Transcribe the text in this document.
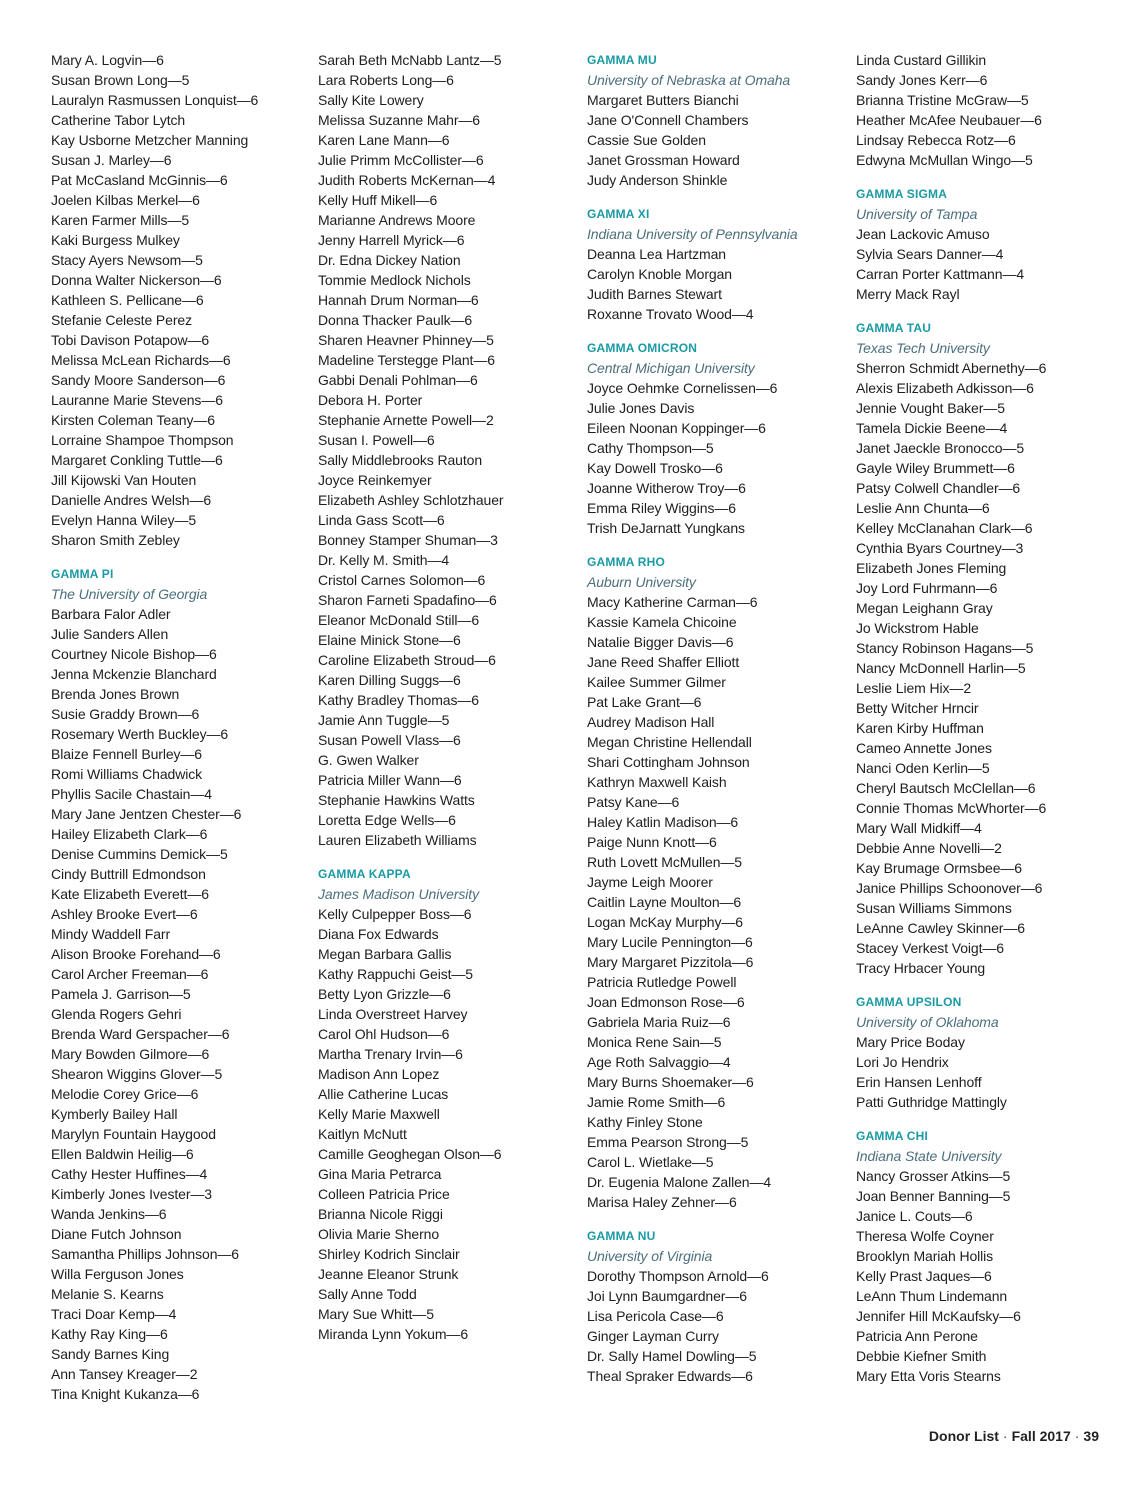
Mary A. Logvin—6
Susan Brown Long—5
Lauralyn Rasmussen Lonquist—6
Catherine Tabor Lytch
Kay Usborne Metzcher Manning
Susan J. Marley—6
Pat McCasland McGinnis—6
Joelen Kilbas Merkel—6
Karen Farmer Mills—5
Kaki Burgess Mulkey
Stacy Ayers Newsom—5
Donna Walter Nickerson—6
Kathleen S. Pellicane—6
Stefanie Celeste Perez
Tobi Davison Potapow—6
Melissa McLean Richards—6
Sandy Moore Sanderson—6
Lauranne Marie Stevens—6
Kirsten Coleman Teany—6
Lorraine Shampoe Thompson
Margaret Conkling Tuttle—6
Jill Kijowski Van Houten
Danielle Andres Welsh—6
Evelyn Hanna Wiley—5
Sharon Smith Zebley
GAMMA PI
The University of Georgia
Barbara Falor Adler
Julie Sanders Allen
Courtney Nicole Bishop—6
Jenna Mckenzie Blanchard
Brenda Jones Brown
Susie Graddy Brown—6
Rosemary Werth Buckley—6
Blaize Fennell Burley—6
Romi Williams Chadwick
Phyllis Sacile Chastain—4
Mary Jane Jentzen Chester—6
Hailey Elizabeth Clark—6
Denise Cummins Demick—5
Cindy Buttrill Edmondson
Kate Elizabeth Everett—6
Ashley Brooke Evert—6
Mindy Waddell Farr
Alison Brooke Forehand—6
Carol Archer Freeman—6
Pamela J. Garrison—5
Glenda Rogers Gehri
Brenda Ward Gerspacher—6
Mary Bowden Gilmore—6
Shearon Wiggins Glover—5
Melodie Corey Grice—6
Kymberly Bailey Hall
Marylyn Fountain Haygood
Ellen Baldwin Heilig—6
Cathy Hester Huffines—4
Kimberly Jones Ivester—3
Wanda Jenkins—6
Diane Futch Johnson
Samantha Phillips Johnson—6
Willa Ferguson Jones
Melanie S. Kearns
Traci Doar Kemp—4
Kathy Ray King—6
Sandy Barnes King
Ann Tansey Kreager—2
Tina Knight Kukanza—6
Sarah Beth McNabb Lantz—5
Lara Roberts Long—6
Sally Kite Lowery
Melissa Suzanne Mahr—6
Karen Lane Mann—6
Julie Primm McCollister—6
Judith Roberts McKernan—4
Kelly Huff Mikell—6
Marianne Andrews Moore
Jenny Harrell Myrick—6
Dr. Edna Dickey Nation
Tommie Medlock Nichols
Hannah Drum Norman—6
Donna Thacker Paulk—6
Sharen Heavner Phinney—5
Madeline Terstegge Plant—6
Gabbi Denali Pohlman—6
Debora H. Porter
Stephanie Arnette Powell—2
Susan I. Powell—6
Sally Middlebrooks Rauton
Joyce Reinkemyer
Elizabeth Ashley Schlotzhauer
Linda Gass Scott—6
Bonney Stamper Shuman—3
Dr. Kelly M. Smith—4
Cristol Carnes Solomon—6
Sharon Farneti Spadafino—6
Eleanor McDonald Still—6
Elaine Minick Stone—6
Caroline Elizabeth Stroud—6
Karen Dilling Suggs—6
Kathy Bradley Thomas—6
Jamie Ann Tuggle—5
Susan Powell Vlass—6
G. Gwen Walker
Patricia Miller Wann—6
Stephanie Hawkins Watts
Loretta Edge Wells—6
Lauren Elizabeth Williams
GAMMA KAPPA
James Madison University
Kelly Culpepper Boss—6
Diana Fox Edwards
Megan Barbara Gallis
Kathy Rappuchi Geist—5
Betty Lyon Grizzle—6
Linda Overstreet Harvey
Carol Ohl Hudson—6
Martha Trenary Irvin—6
Madison Ann Lopez
Allie Catherine Lucas
Kelly Marie Maxwell
Kaitlyn McNutt
Camille Geoghegan Olson—6
Gina Maria Petrarca
Colleen Patricia Price
Brianna Nicole Riggi
Olivia Marie Sherno
Shirley Kodrich Sinclair
Jeanne Eleanor Strunk
Sally Anne Todd
Mary Sue Whitt—5
Miranda Lynn Yokum—6
GAMMA MU
University of Nebraska at Omaha
Margaret Butters Bianchi
Jane O'Connell Chambers
Cassie Sue Golden
Janet Grossman Howard
Judy Anderson Shinkle
GAMMA XI
Indiana University of Pennsylvania
Deanna Lea Hartzman
Carolyn Knoble Morgan
Judith Barnes Stewart
Roxanne Trovato Wood—4
GAMMA OMICRON
Central Michigan University
Joyce Oehmke Cornelissen—6
Julie Jones Davis
Eileen Noonan Koppinger—6
Cathy Thompson—5
Kay Dowell Trosko—6
Joanne Witherow Troy—6
Emma Riley Wiggins—6
Trish DeJarnatt Yungkans
GAMMA RHO
Auburn University
Macy Katherine Carman—6
Kassie Kamela Chicoine
Natalie Bigger Davis—6
Jane Reed Shaffer Elliott
Kailee Summer Gilmer
Pat Lake Grant—6
Audrey Madison Hall
Megan Christine Hellendall
Shari Cottingham Johnson
Kathryn Maxwell Kaish
Patsy Kane—6
Haley Katlin Madison—6
Paige Nunn Knott—6
Ruth Lovett McMullen—5
Jayme Leigh Moorer
Caitlin Layne Moulton—6
Logan McKay Murphy—6
Mary Lucile Pennington—6
Mary Margaret Pizzitola—6
Patricia Rutledge Powell
Joan Edmonson Rose—6
Gabriela Maria Ruiz—6
Monica Rene Sain—5
Age Roth Salvaggio—4
Mary Burns Shoemaker—6
Jamie Rome Smith—6
Kathy Finley Stone
Emma Pearson Strong—5
Carol L. Wietlake—5
Dr. Eugenia Malone Zallen—4
Marisa Haley Zehner—6
GAMMA NU
University of Virginia
Dorothy Thompson Arnold—6
Joi Lynn Baumgardner—6
Lisa Pericola Case—6
Ginger Layman Curry
Dr. Sally Hamel Dowling—5
Theal Spraker Edwards—6
Linda Custard Gillikin
Sandy Jones Kerr—6
Brianna Tristine McGraw—5
Heather McAfee Neubauer—6
Lindsay Rebecca Rotz—6
Edwyna McMullan Wingo—5
GAMMA SIGMA
University of Tampa
Jean Lackovic Amuso
Sylvia Sears Danner—4
Carran Porter Kattmann—4
Merry Mack Rayl
GAMMA TAU
Texas Tech University
Sherron Schmidt Abernethy—6
Alexis Elizabeth Adkisson—6
Jennie Vought Baker—5
Tamela Dickie Beene—4
Janet Jaeckle Bronocco—5
Gayle Wiley Brummett—6
Patsy Colwell Chandler—6
Leslie Ann Chunta—6
Kelley McClanahan Clark—6
Cynthia Byars Courtney—3
Elizabeth Jones Fleming
Joy Lord Fuhrmann—6
Megan Leighann Gray
Jo Wickstrom Hable
Stancy Robinson Hagans—5
Nancy McDonnell Harlin—5
Leslie Liem Hix—2
Betty Witcher Hrncir
Karen Kirby Huffman
Cameo Annette Jones
Nanci Oden Kerlin—5
Cheryl Bautsch McClellan—6
Connie Thomas McWhorter—6
Mary Wall Midkiff—4
Debbie Anne Novelli—2
Kay Brumage Ormsbee—6
Janice Phillips Schoonover—6
Susan Williams Simmons
LeAnne Cawley Skinner—6
Stacey Verkest Voigt—6
Tracy Hrbacer Young
GAMMA UPSILON
University of Oklahoma
Mary Price Boday
Lori Jo Hendrix
Erin Hansen Lenhoff
Patti Guthridge Mattingly
GAMMA CHI
Indiana State University
Nancy Grosser Atkins—5
Joan Benner Banning—5
Janice L. Couts—6
Theresa Wolfe Coyner
Brooklyn Mariah Hollis
Kelly Prast Jaques—6
LeAnn Thum Lindemann
Jennifer Hill McKaufsky—6
Patricia Ann Perone
Debbie Kiefner Smith
Mary Etta Voris Stearns
Donor List · Fall 2017 · 39
